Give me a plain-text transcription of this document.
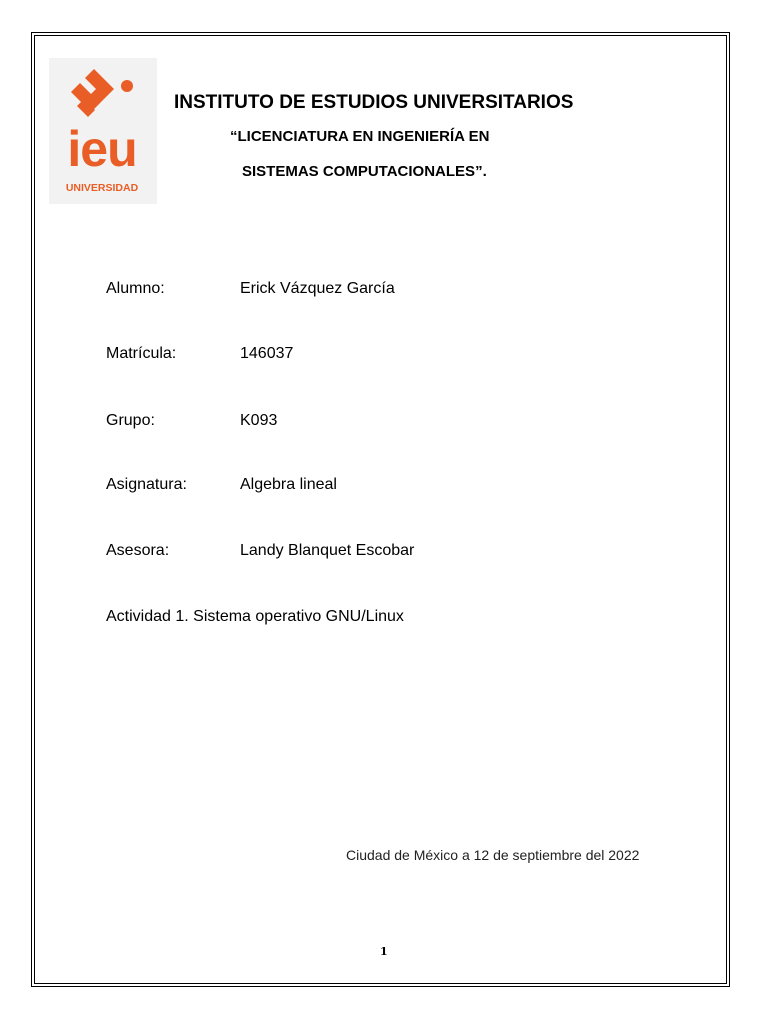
ieu
UNIVERSIDAD
INSTITUTO DE ESTUDIOS UNIVERSITARIOS
“LICENCIATURA EN INGENIERÍA EN
SISTEMAS COMPUTACIONALES”.
Alumno:	Erick Vázquez García
Matrícula:	146037
Grupo:	K093
Asignatura:	Algebra lineal
Asesora:	Landy Blanquet Escobar
Actividad 1. Sistema operativo GNU/Linux
Ciudad de México a 12 de septiembre del 2022
1
